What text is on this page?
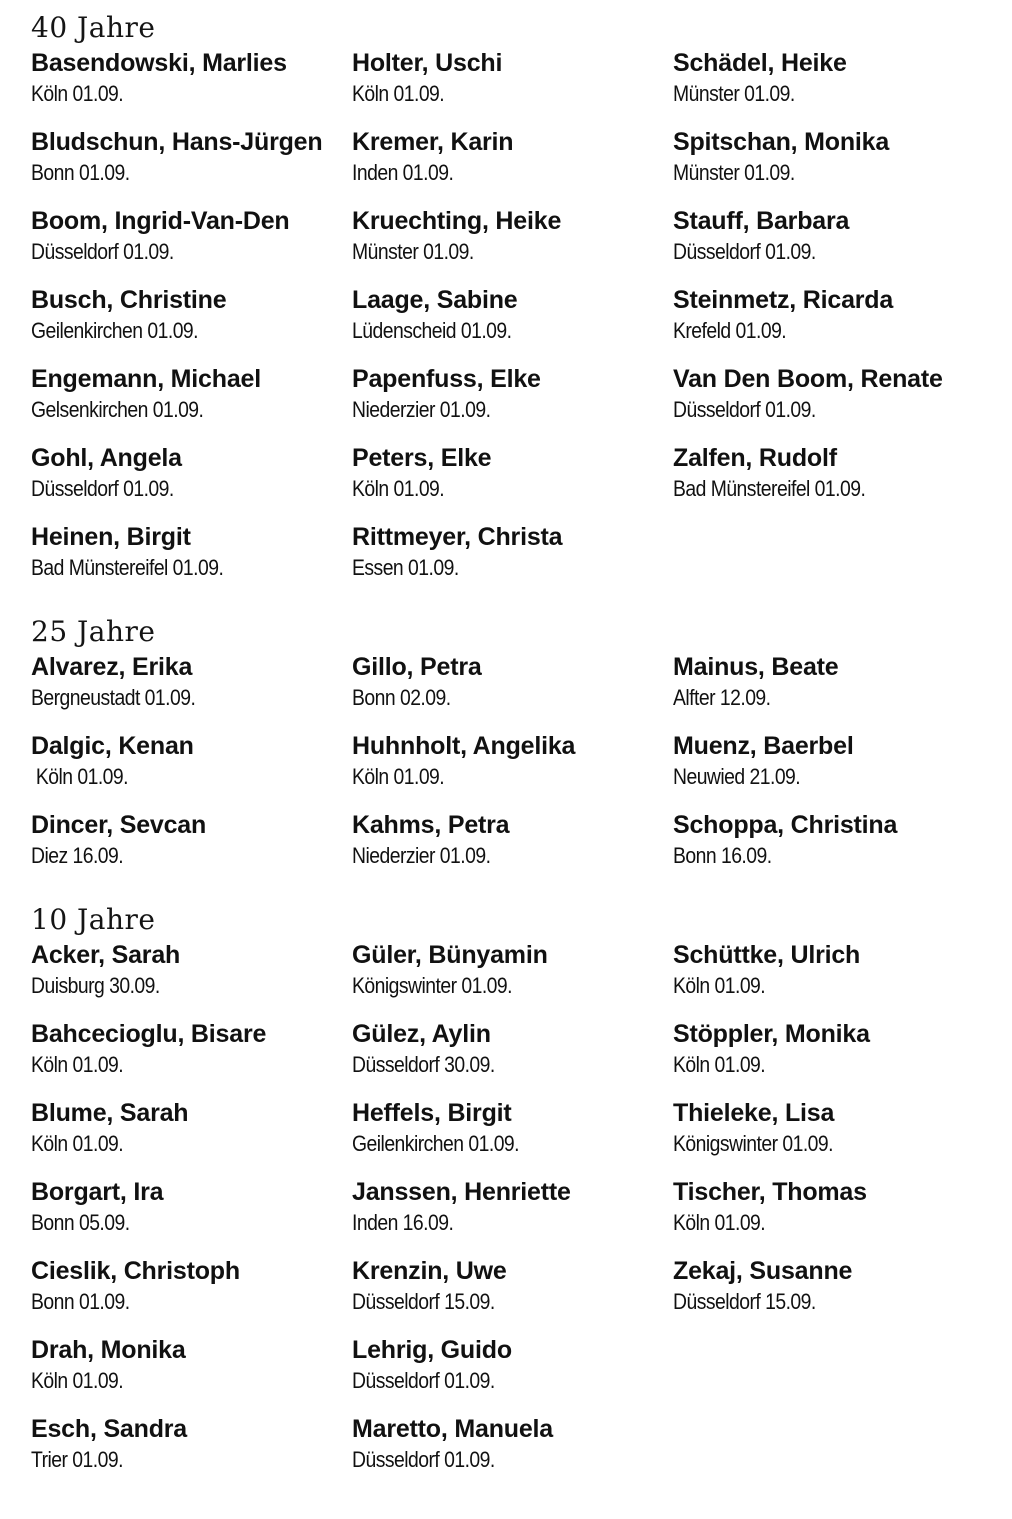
40 Jahre
Basendowski, Marlies
Köln 01.09.
Holter, Uschi
Köln 01.09.
Schädel, Heike
Münster 01.09.
Bludschun, Hans-Jürgen
Bonn 01.09.
Kremer, Karin
Inden 01.09.
Spitschan, Monika
Münster 01.09.
Boom, Ingrid-Van-Den
Düsseldorf 01.09.
Kruechting, Heike
Münster 01.09.
Stauff, Barbara
Düsseldorf 01.09.
Busch, Christine
Geilenkirchen 01.09.
Laage, Sabine
Lüdenscheid 01.09.
Steinmetz, Ricarda
Krefeld 01.09.
Engemann, Michael
Gelsenkirchen 01.09.
Papenfuss, Elke
Niederzier 01.09.
Van Den Boom, Renate
Düsseldorf 01.09.
Gohl, Angela
Düsseldorf 01.09.
Peters, Elke
Köln 01.09.
Zalfen, Rudolf
Bad Münstereifel 01.09.
Heinen, Birgit
Bad Münstereifel 01.09.
Rittmeyer, Christa
Essen 01.09.
25 Jahre
Alvarez, Erika
Bergneustadt 01.09.
Gillo, Petra
Bonn 02.09.
Mainus, Beate
Alfter 12.09.
Dalgic, Kenan
Köln 01.09.
Huhnholt, Angelika
Köln 01.09.
Muenz, Baerbel
Neuwied 21.09.
Dincer, Sevcan
Diez 16.09.
Kahms, Petra
Niederzier 01.09.
Schoppa, Christina
Bonn 16.09.
10 Jahre
Acker, Sarah
Duisburg 30.09.
Güler, Bünyamin
Königswinter 01.09.
Schüttke, Ulrich
Köln 01.09.
Bahcecioglu, Bisare
Köln 01.09.
Gülez, Aylin
Düsseldorf 30.09.
Stöppler, Monika
Köln 01.09.
Blume, Sarah
Köln 01.09.
Heffels, Birgit
Geilenkirchen 01.09.
Thieleke, Lisa
Königswinter 01.09.
Borgart, Ira
Bonn 05.09.
Janssen, Henriette
Inden 16.09.
Tischer, Thomas
Köln 01.09.
Cieslik, Christoph
Bonn 01.09.
Krenzin, Uwe
Düsseldorf 15.09.
Zekaj, Susanne
Düsseldorf 15.09.
Drah, Monika
Köln 01.09.
Lehrig, Guido
Düsseldorf 01.09.
Esch, Sandra
Trier 01.09.
Maretto, Manuela
Düsseldorf 01.09.
